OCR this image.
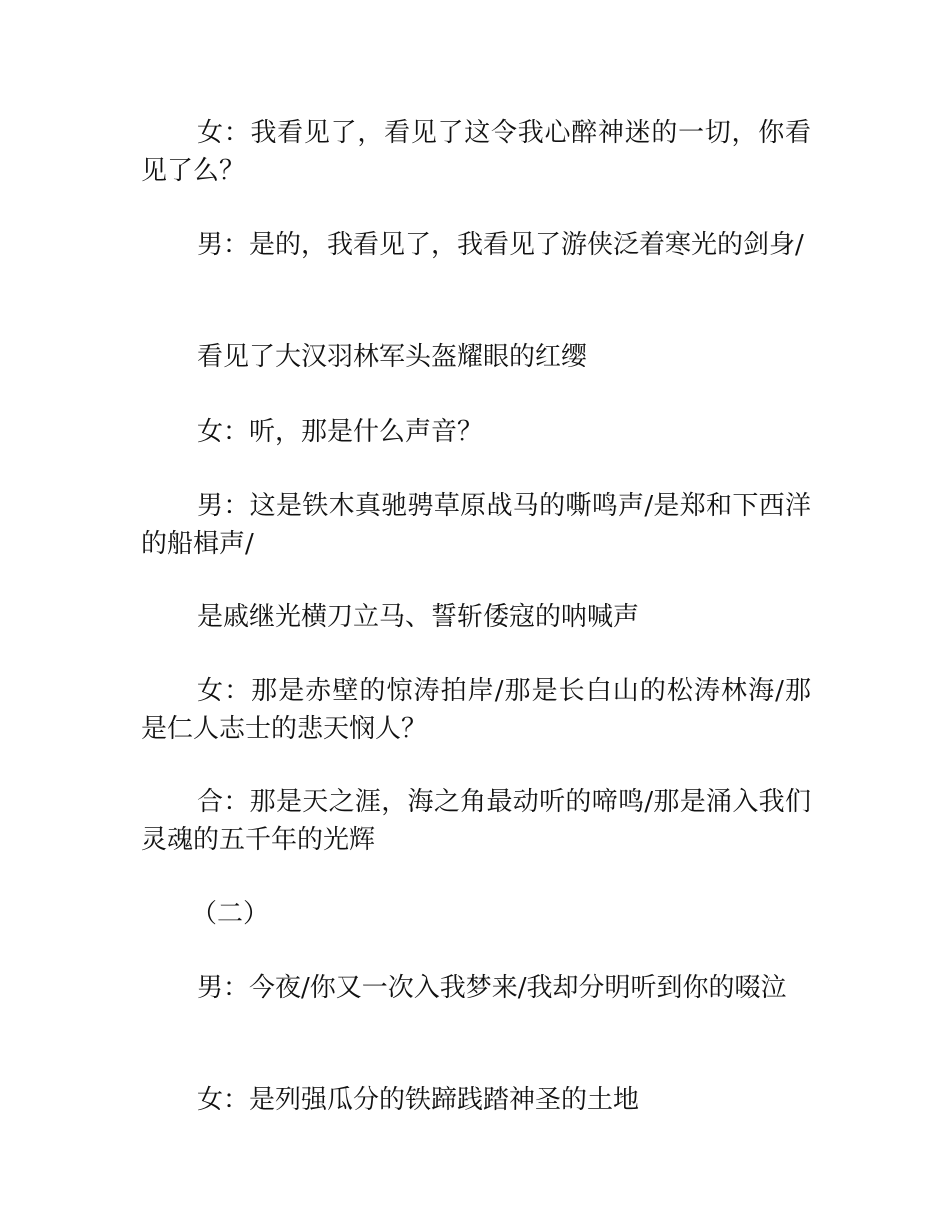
女：我看见了，看见了这令我心醉神迷的一切，你看见了么？

男：是的，我看见了，我看见了游侠泛着寒光的剑身/

看见了大汉羽林军头盔耀眼的红缨

女：听，那是什么声音？

男：这是铁木真驰骋草原战马的嘶鸣声/是郑和下西洋的船楫声/

是戚继光横刀立马、誓斩倭寇的呐喊声

女：那是赤壁的惊涛拍岸/那是长白山的松涛林海/那是仁人志士的悲天悯人？

合：那是天之涯，海之角最动听的啼鸣/那是涌入我们灵魂的五千年的光辉

（二）

男：今夜/你又一次入我梦来/我却分明听到你的啜泣

女：是列强瓜分的铁蹄践踏神圣的土地
